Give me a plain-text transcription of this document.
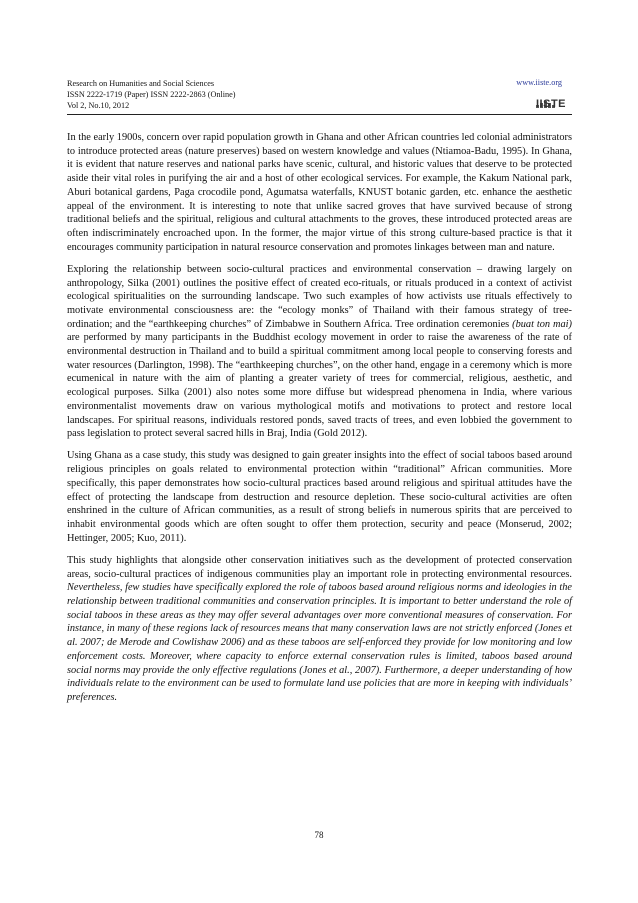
Research on Humanities and Social Sciences
ISSN 2222-1719 (Paper) ISSN 2222-2863 (Online)
Vol 2, No.10, 2012
www.iiste.org
IISTE

In the early 1900s, concern over rapid population growth in Ghana and other African countries led colonial administrators to introduce protected areas (nature preserves) based on western knowledge and values (Ntiamoa-Badu, 1995). In Ghana, it is evident that nature reserves and national parks have scenic, cultural, and historic values that deserve to be protected aside their vital roles in purifying the air and a host of other ecological services. For example, the Kakum National park, Aburi botanical gardens, Paga crocodile pond, Agumatsa waterfalls, KNUST botanic garden, etc. enhance the aesthetic appeal of the environment. It is interesting to note that unlike sacred groves that have survived because of strong traditional beliefs and the spiritual, religious and cultural attachments to the groves, these introduced protected areas are often indiscriminately encroached upon. In the former, the major virtue of this strong culture-based practice is that it encourages community participation in natural resource conservation and promotes linkages between man and nature.

Exploring the relationship between socio-cultural practices and environmental conservation – drawing largely on anthropology, Silka (2001) outlines the positive effect of created eco-rituals, or rituals produced in a context of activist ecological spiritualities on the surrounding landscape. Two such examples of how activists use rituals effectively to motivate environmental consciousness are: the “ecology monks” of Thailand with their famous strategy of tree-ordination; and the “earthkeeping churches” of Zimbabwe in Southern Africa. Tree ordination ceremonies (buat ton mai) are performed by many participants in the Buddhist ecology movement in order to raise the awareness of the rate of environmental destruction in Thailand and to build a spiritual commitment among local people to conserving forests and water resources (Darlington, 1998). The “earthkeeping churches”, on the other hand, engage in a ceremony which is more ecumenical in nature with the aim of planting a greater variety of trees for commercial, religious, aesthetic, and ecological purposes. Silka (2001) also notes some more diffuse but widespread phenomena in India, where various environmentalist movements draw on various mythological motifs and motivations to protect and restore local landscapes. For spiritual reasons, individuals restored ponds, saved tracts of trees, and even lobbied the government to pass legislation to protect several sacred hills in Braj, India (Gold 2012).

Using Ghana as a case study, this study was designed to gain greater insights into the effect of social taboos based around religious principles on goals related to environmental protection within “traditional” African communities. More specifically, this paper demonstrates how socio-cultural practices based around religious and spiritual attitudes have the effect of protecting the landscape from destruction and resource depletion. These socio-cultural activities are often enshrined in the culture of African communities, as a result of strong beliefs in numerous spirits that are perceived to inhabit environmental goods which are often sought to offer them protection, security and peace (Monserud, 2002; Hettinger, 2005; Kuo, 2011).

This study highlights that alongside other conservation initiatives such as the development of protected conservation areas, socio-cultural practices of indigenous communities play an important role in protecting environmental resources. Nevertheless, few studies have specifically explored the role of taboos based around religious norms and ideologies in the relationship between traditional communities and conservation principles. It is important to better understand the role of social taboos in these areas as they may offer several advantages over more conventional measures of conservation. For instance, in many of these regions lack of resources means that many conservation laws are not strictly enforced (Jones et al. 2007; de Merode and Cowlishaw 2006) and as these taboos are self-enforced they provide for low monitoring and low enforcement costs. Moreover, where capacity to enforce external conservation rules is limited, taboos based around social norms may provide the only effective regulations (Jones et al., 2007). Furthermore, a deeper understanding of how individuals relate to the environment can be used to formulate land use policies that are more in keeping with individuals’ preferences.

78
